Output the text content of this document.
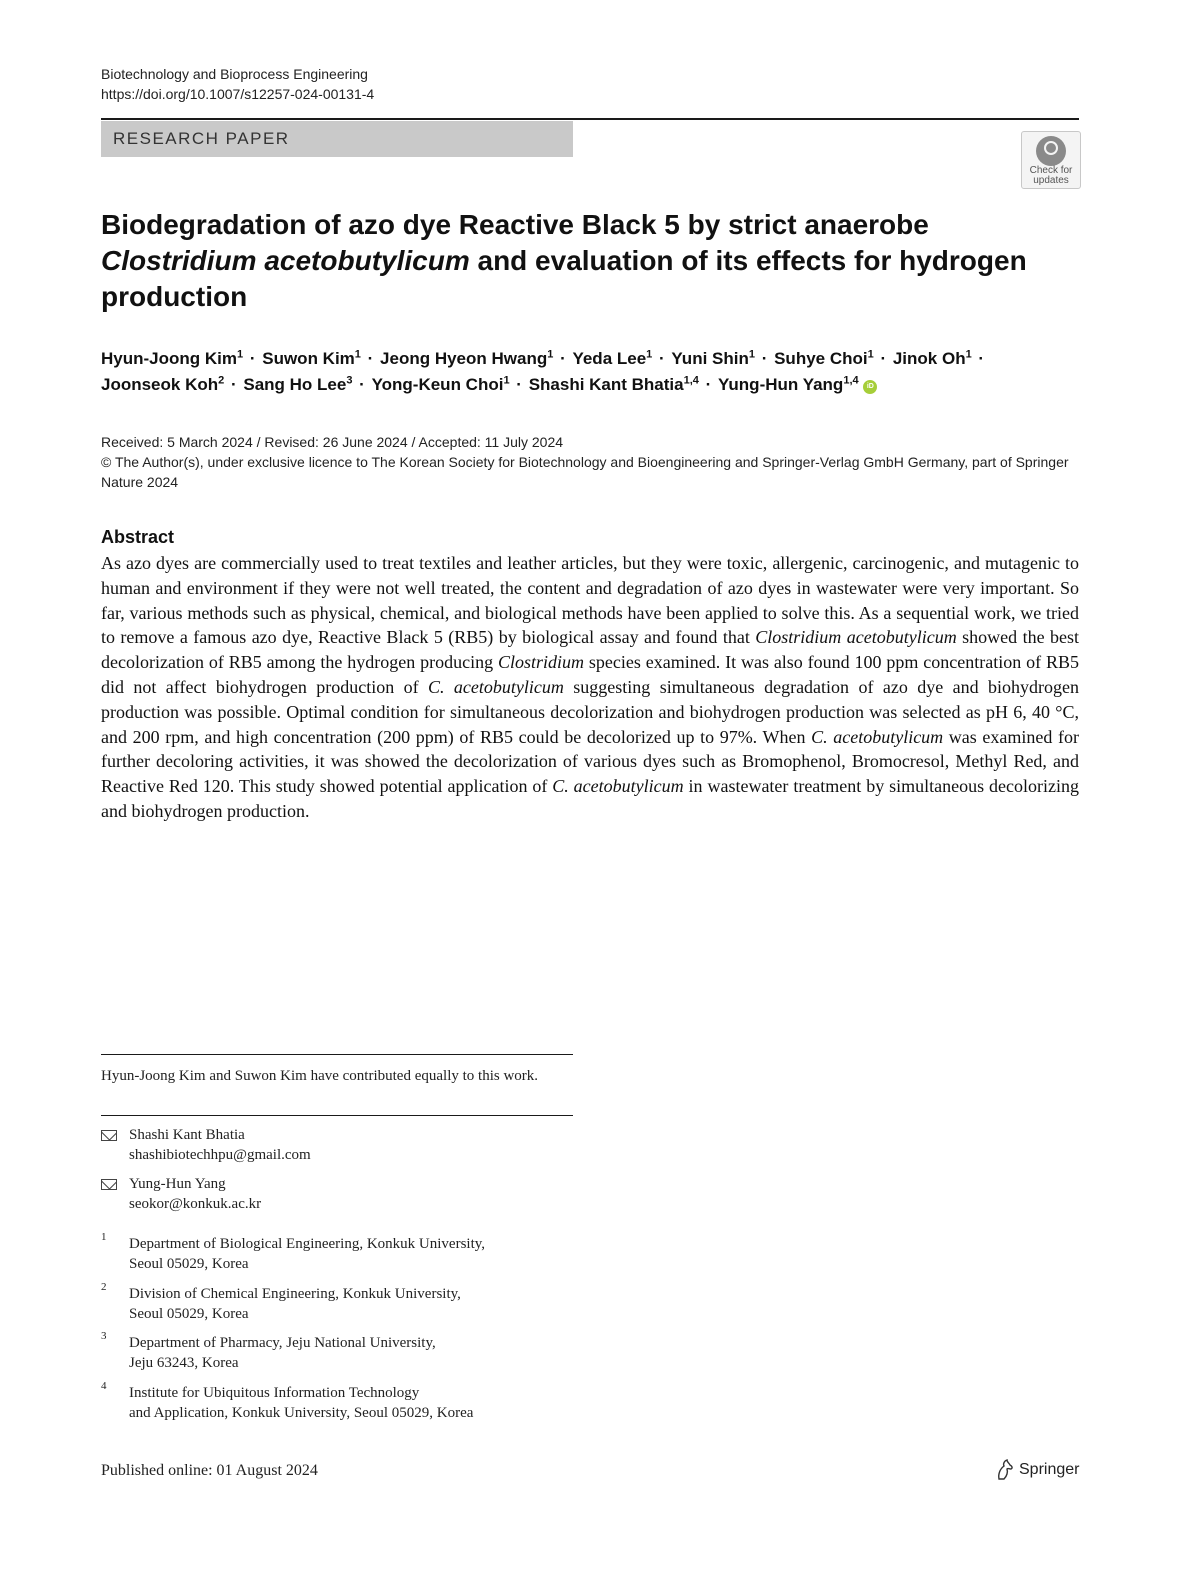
Biotechnology and Bioprocess Engineering
https://doi.org/10.1007/s12257-024-00131-4
RESEARCH PAPER
Check for updates
Biodegradation of azo dye Reactive Black 5 by strict anaerobe
Clostridium acetobutylicum and evaluation of its effects for hydrogen production
Hyun-Joong Kim$^1$ · Suwon Kim$^1$ · Jeong Hyeon Hwang$^1$ · Yeda Lee$^1$ · Yuni Shin$^1$ · Suhye Choi$^1$ · Jinok $Oh^1$ ·
Joonseok Koh$^2$ · Sang Ho Lee$^3$ · Yong-Keun Choi$^1$ · Shashi Kant Bhatia$^{1,4}$ · Yung-Hun Yang$^{1,4}$ iD
Received: 5 March 2024 / Revised: 26 June 2024 / Accepted: 11 July 2024
© The Author(s), under exclusive licence to The Korean Society for Biotechnology and Bioengineering and Springer-Verlag GmbH Germany, part of Springer Nature 2024
Abstract

As azo dyes are commercially used to treat textiles and leather articles, but they were toxic, allergenic, carcinogenic, and mutagenic to human and environment if they were not well treated, the content and degradation of azo dyes in wastewater were very important. So far, various methods such as physical, chemical, and biological methods have been applied to solve this. As a sequential work, we tried to remove a famous azo dye, Reactive Black 5 (RB5) by biological assay and found that Clostridium acetobutylicum showed the best decolorization of RB5 among the hydrogen producing Clostridium species examined. It was also found 100 ppm concentration of RB5 did not affect biohydrogen production of C. acetobutylicum suggesting simultaneous degradation of azo dye and biohydrogen production was possible. Optimal condition for simultaneous decolorization and biohydrogen production was selected as pH 6, 40 °C, and 200 rpm, and high concentration (200 ppm) of RB5 could be decolorized up to 97%. When C. acetobutylicum was examined for further decoloring activities, it was showed the decolorization of various dyes such as Bromophenol, Bromocresol, Methyl Red, and Reactive Red 120. This study showed potential application of C. acetobutylicum in wastewater treatment by simultaneous decolorizing and biohydrogen production.

Hyun-Joong Kim and Suwon Kim have contributed equally to this work.
Shashi Kant Bhatia
shashibiotechhpu@gmail.com
Yung-Hun Yang
seokor@konkuk.ac.kr
1 Department of Biological Engineering, Konkuk University,
Seoul 05029, Korea
2 Division of Chemical Engineering, Konkuk University,
Seoul 05029, Korea
3 Department of Pharmacy, Jeju National University,
Jeju 63243, Korea
4 Institute for Ubiquitous Information Technology
and Application, Konkuk University, Seoul 05029, Korea
Published online: 01 August 2024	Springer
